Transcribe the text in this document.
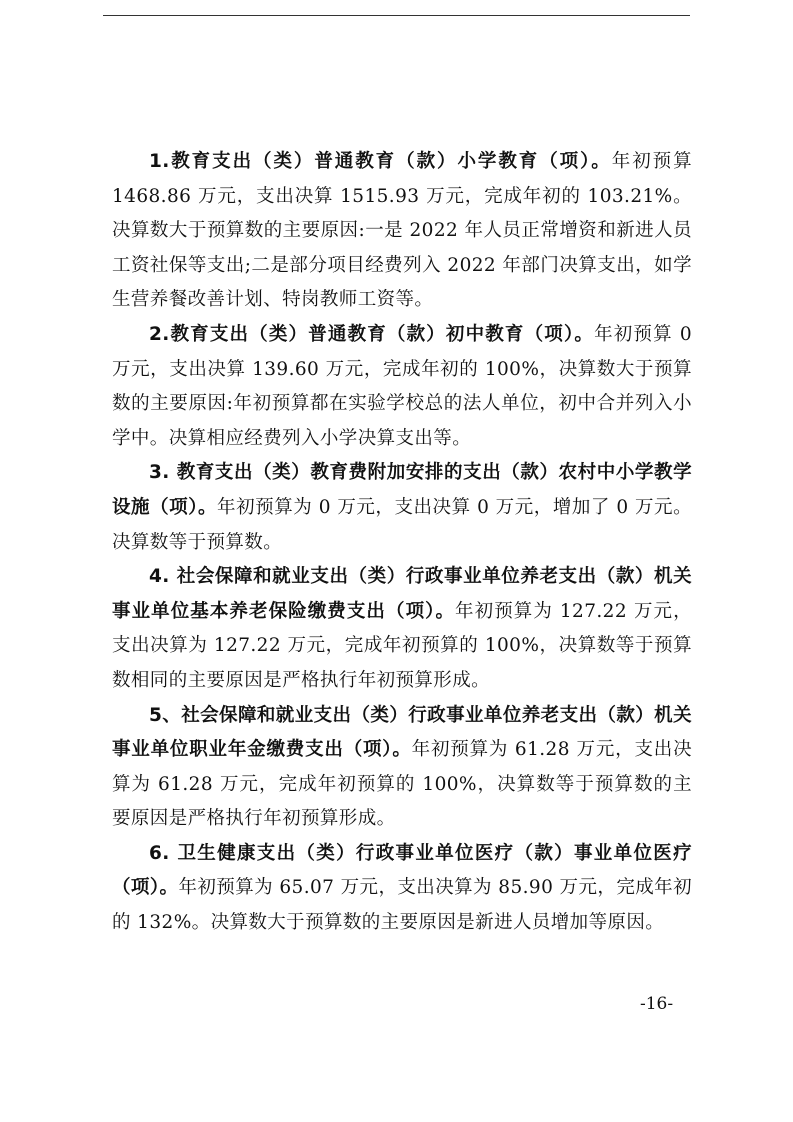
1.教育支出（类）普通教育（款）小学教育（项）。年初预算 1468.86 万元，支出决算 1515.93 万元，完成年初的 103.21%。决算数大于预算数的主要原因:一是 2022 年人员正常增资和新进人员工资社保等支出;二是部分项目经费列入 2022 年部门决算支出，如学生营养餐改善计划、特岗教师工资等。

2.教育支出（类）普通教育（款）初中教育（项）。年初预算 0 万元，支出决算 139.60 万元，完成年初的 100%，决算数大于预算数的主要原因:年初预算都在实验学校总的法人单位，初中合并列入小学中。决算相应经费列入小学决算支出等。

3. 教育支出（类）教育费附加安排的支出（款）农村中小学教学设施（项）。年初预算为 0 万元，支出决算 0 万元，增加了 0 万元。决算数等于预算数。

4. 社会保障和就业支出（类）行政事业单位养老支出（款）机关事业单位基本养老保险缴费支出（项）。年初预算为 127.22 万元，支出决算为 127.22 万元，完成年初预算的 100%，决算数等于预算数相同的主要原因是严格执行年初预算形成。

5、社会保障和就业支出（类）行政事业单位养老支出（款）机关事业单位职业年金缴费支出（项）。年初预算为 61.28 万元，支出决算为 61.28 万元，完成年初预算的 100%，决算数等于预算数的主要原因是严格执行年初预算形成。

6. 卫生健康支出（类）行政事业单位医疗（款）事业单位医疗（项）。年初预算为 65.07 万元，支出决算为 85.90 万元，完成年初的 132%。决算数大于预算数的主要原因是新进人员增加等原因。

-16-
